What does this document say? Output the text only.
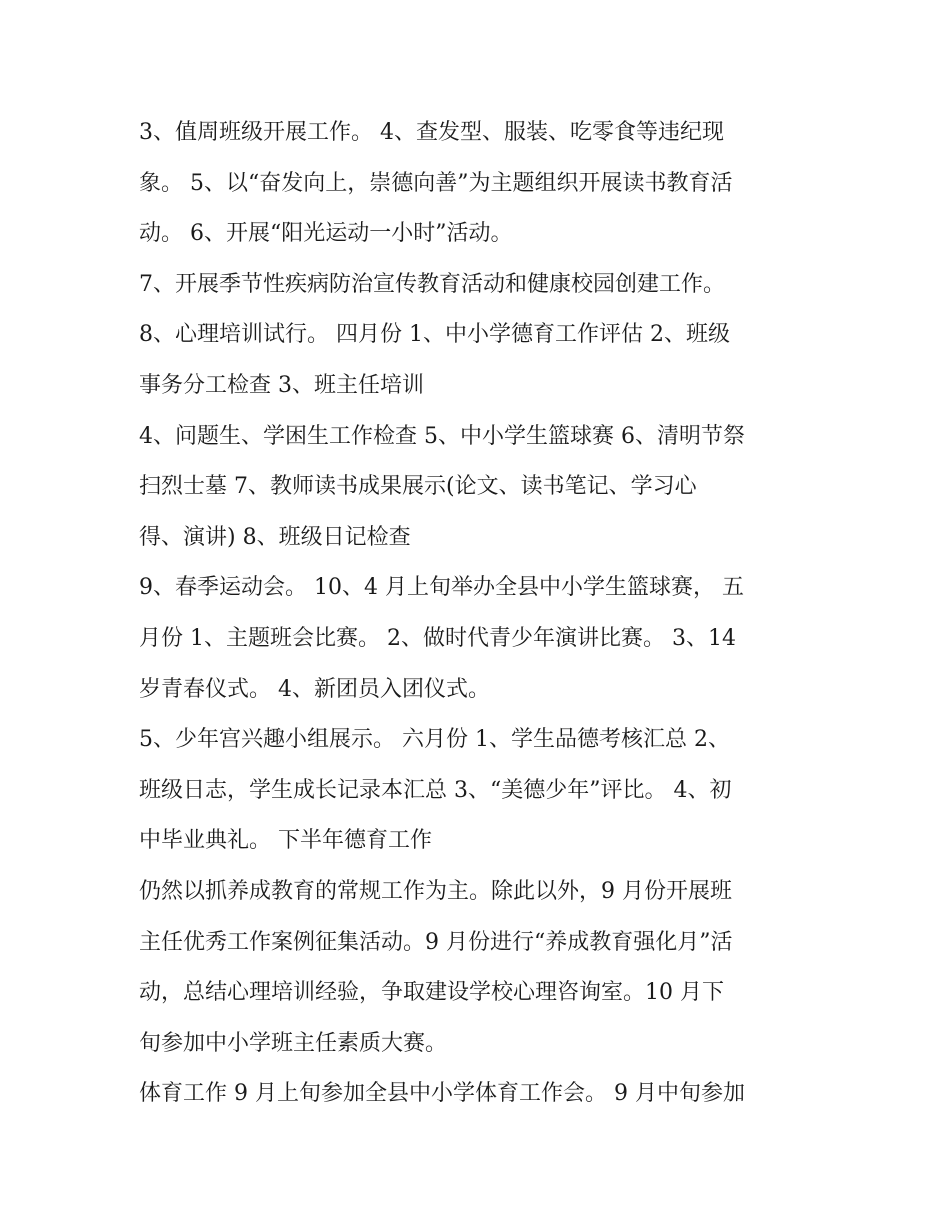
3、值周班级开展工作。 4、查发型、服装、吃零食等违纪现
象。 5、以“奋发向上，崇德向善”为主题组织开展读书教育活
动。 6、开展“阳光运动一小时”活动。
7、开展季节性疾病防治宣传教育活动和健康校园创建工作。
8、心理培训试行。 四月份 1、中小学德育工作评估 2、班级
事务分工检查 3、班主任培训
4、问题生、学困生工作检查 5、中小学生篮球赛 6、清明节祭
扫烈士墓 7、教师读书成果展示(论文、读书笔记、学习心
得、演讲) 8、班级日记检查
9、春季运动会。 10、4 月上旬举办全县中小学生篮球赛， 五
月份 1、主题班会比赛。 2、做时代青少年演讲比赛。 3、14
岁青春仪式。 4、新团员入团仪式。
5、少年宫兴趣小组展示。 六月份 1、学生品德考核汇总 2、
班级日志，学生成长记录本汇总 3、“美德少年”评比。 4、初
中毕业典礼。 下半年德育工作
仍然以抓养成教育的常规工作为主。除此以外，9 月份开展班
主任优秀工作案例征集活动。9 月份进行“养成教育强化月”活
动，总结心理培训经验，争取建设学校心理咨询室。10 月下
旬参加中小学班主任素质大赛。
体育工作 9 月上旬参加全县中小学体育工作会。 9 月中旬参加
